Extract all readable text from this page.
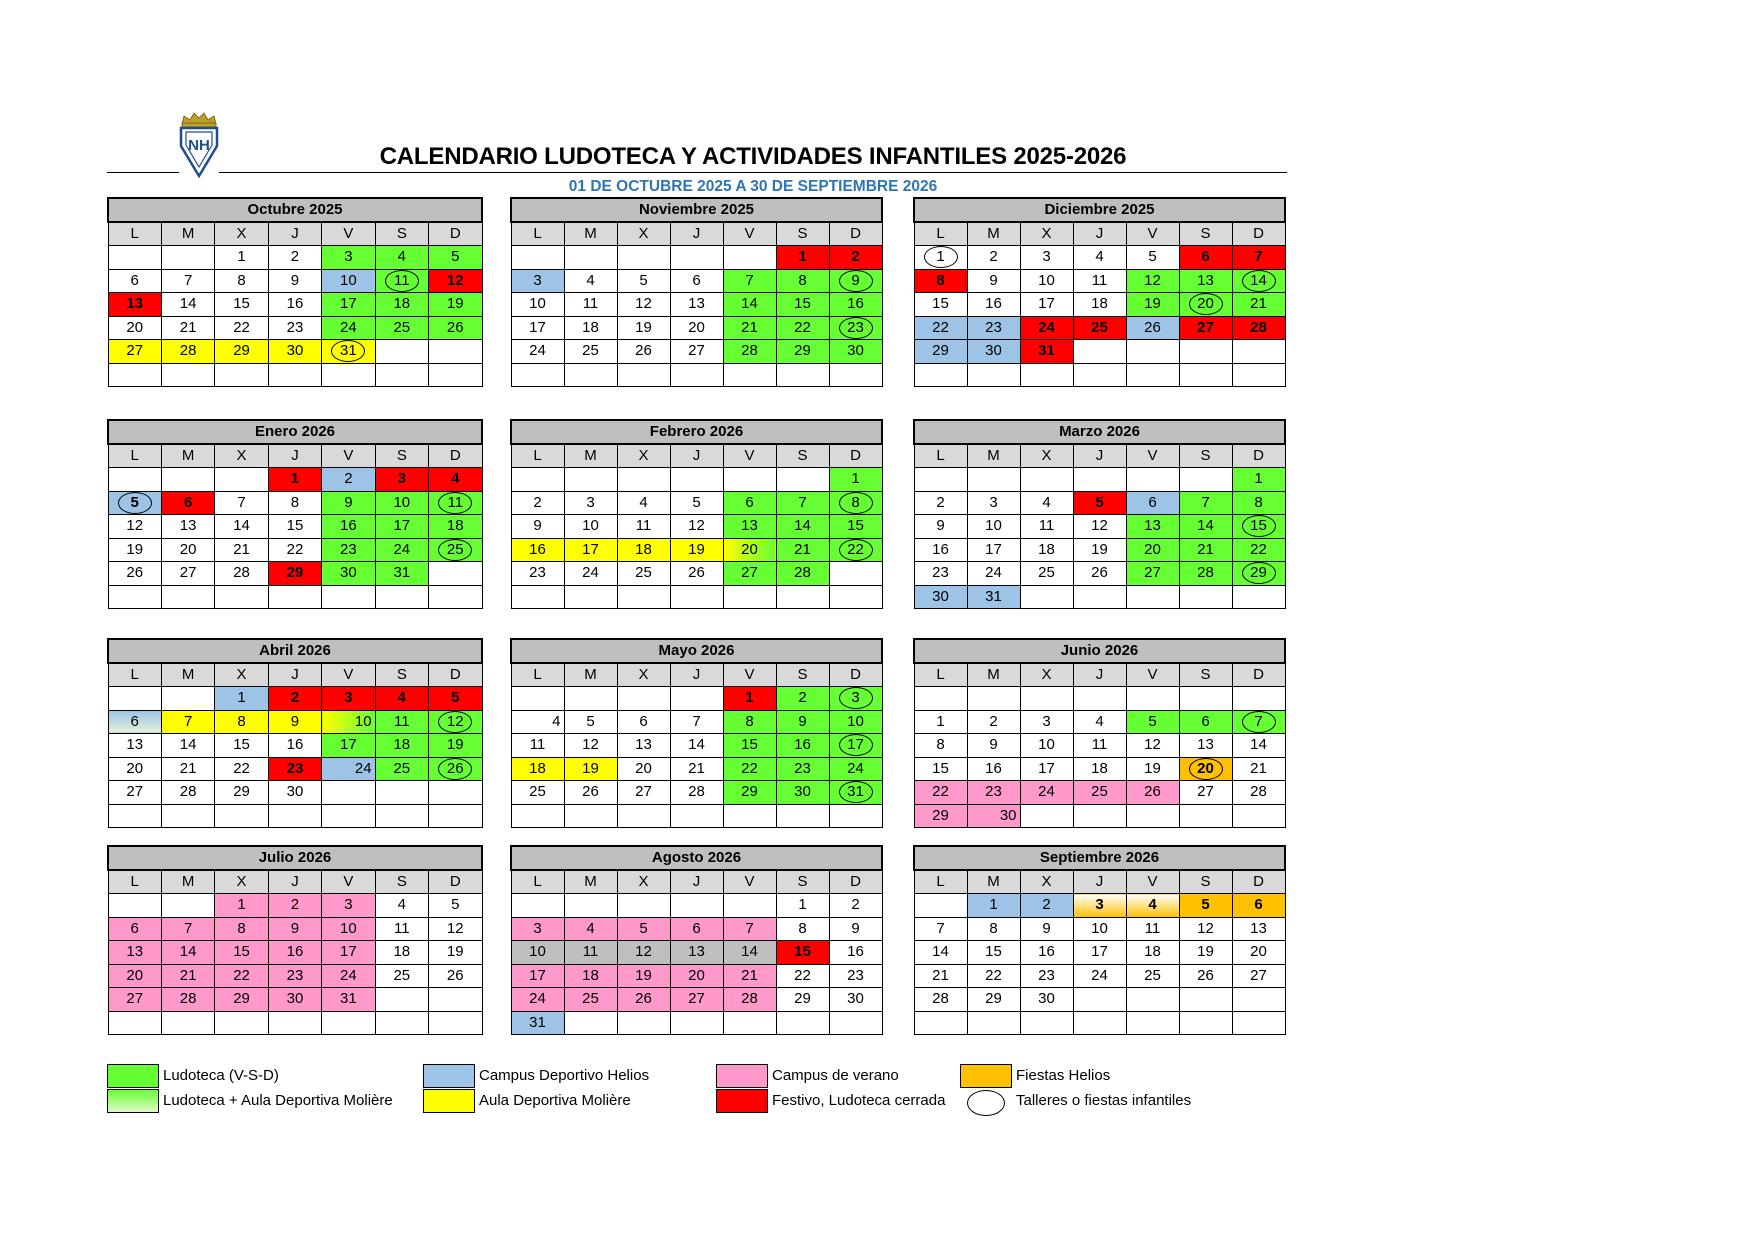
NH	CALENDARIO LUDOTECA Y ACTIVIDADES INFANTILES 2025-2026
01 DE OCTUBRE 2025 A 30 DE SEPTIEMBRE 2026
Octubre 2025						
L	M	X	J	V	S	D
		1	2	3	4	5
6	7	8	9	10	11	12
13	14	15	16	17	18	19
20	21	22	23	24	25	26
27	28	29	30	31

Noviembre 2025						
L	M	X	J	V	S	D
					1	2
3	4	5	6	7	8	9

10	11	12	13	14	15	16
17	18	19	20	21	22	23

24	25	26	27	28	29	30

Diciembre 2025						
L	M	X	J	V	S	D
1	2	3	4	5	6	7
8	9	10	11	12	13	14

15	16	17	18	19	20	21
22	23	24	25	26	27	28
29	30	31				

Enero 2026						
L	M	X	J	V	S	D
			1	2	3	4
5	6	7	8	9	10	11

12	13	14	15	16	17	18
19	20	21	22	23	24	25

26	27	28	29	30	31	

Febrero 2026						
L	M	X	J	V	S	D
						1
2	3	4	5	6	7	8

9	10	11	12	13	14	15
16	17	18	19	20	21	22

23	24	25	26	27	28	

Marzo 2026						
L	M	X	J	V	S	D
						1
2	3	4	5	6	7	8
9	10	11	12	13	14	15

16	17	18	19	20	21	22
23	24	25	26	27	28	29

30	31					
Abril 2026						
L	M	X	J	V	S	D
		1	2	3	4	5
6	7	8	9	10	11	12

13	14	15	16	17	18	19
20	21	22	23	24	25	26

27	28	29	30			

Mayo 2026						
L	M	X	J	V	S	D
				1	2	3

4	5	6	7	8	9	10
11	12	13	14	15	16	17

18	19	20	21	22	23	24
25	26	27	28	29	30	31

Junio 2026						
L	M	X	J	V	S	D

1	2	3	4	5	6	7

8	9	10	11	12	13	14
15	16	17	18	19	20	21
22	23	24	25	26	27	28
29	30					
Julio 2026						
L	M	X	J	V	S	D
		1	2	3	4	5
6	7	8	9	10	11	12
13	14	15	16	17	18	19
20	21	22	23	24	25	26
27	28	29	30	31		

Agosto 2026						
L	M	X	J	V	S	D
					1	2
3	4	5	6	7	8	9
10	11	12	13	14	15	16
17	18	19	20	21	22	23
24	25	26	27	28	29	30
31						
Septiembre 2026						
L	M	X	J	V	S	D
	1	2	3	4	5	6
7	8	9	10	11	12	13
14	15	16	17	18	19	20
21	22	23	24	25	26	27
28	29	30				

Ludoteca (V-S-D)
Ludoteca + Aula Deportiva Molière
Campus Deportivo Helios
Aula Deportiva Molière
Campus de verano
Festivo, Ludoteca cerrada
Fiestas Helios
Talleres o fiestas infantiles
